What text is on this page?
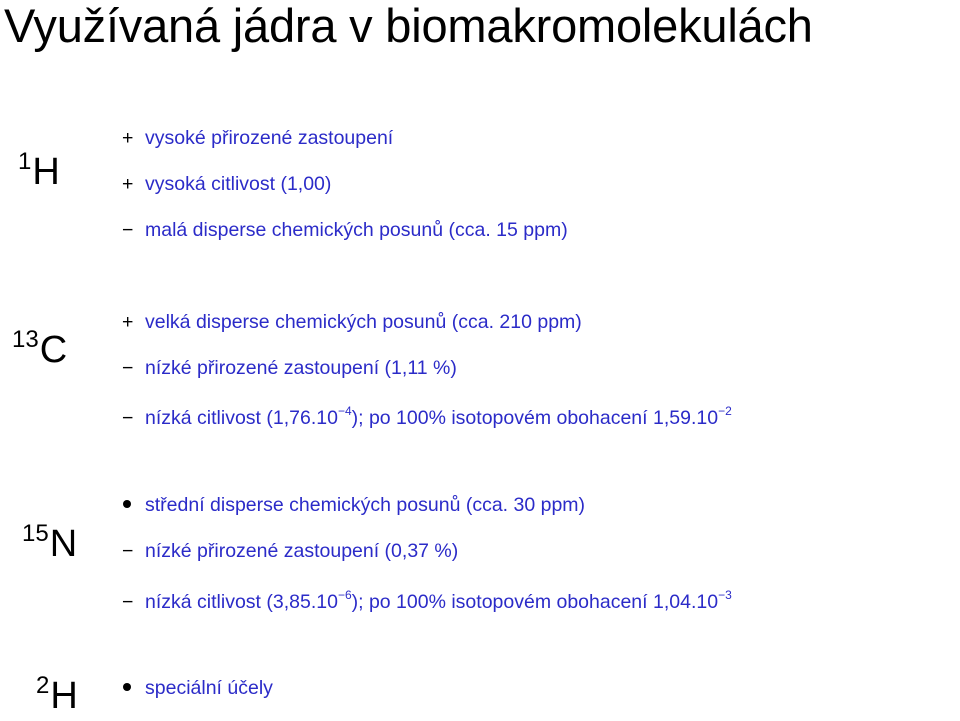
Využívaná jádra v biomakromolekulách
$^1$H
+ vysoké přirozené zastoupení
+ vysoká citlivost (1,00)
− malá disperse chemických posunů (cca. 15 ppm)
$^{13}$C
+ velká disperse chemických posunů (cca. 210 ppm)
− nízké přirozené zastoupení (1,11 %)
− nízká citlivost $(1,76.10^{-4})$; po 100% isotopovém obohacení $1,59.10^{-2}$
$^{15}$N
střední disperse chemických posunů (cca. 30 ppm)
− nízké přirozené zastoupení (0,37 %)
− nízká citlivost $(3,85.10^{-6})$; po 100% isotopovém obohacení $1,04.10^{-3}$
$^2$H	speciální účely
